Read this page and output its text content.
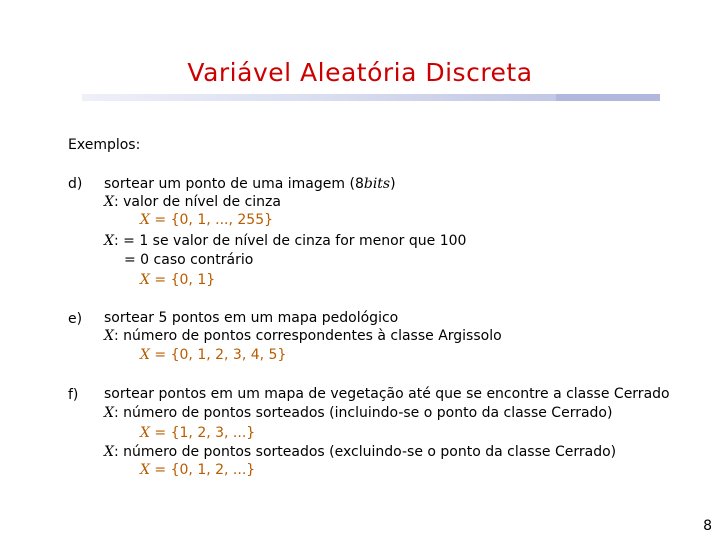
Variável Aleatória Discreta
Exemplos:
d) sortear um ponto de uma imagem (8bits)
X: valor de nível de cinza
X = {0, 1, ..., 255}
X: = 1 se valor de nível de cinza for menor que 100
= 0 caso contrário
X = {0, 1}
e) sortear 5 pontos em um mapa pedológico
X: número de pontos correspondentes à classe Argissolo
X = {0, 1, 2, 3, 4, 5}
f) sortear pontos em um mapa de vegetação até que se encontre a classe Cerrado
X: número de pontos sorteados (incluindo-se o ponto da classe Cerrado)
X = {1, 2, 3, ...}
X: número de pontos sorteados (excluindo-se o ponto da classe Cerrado)
X = {0, 1, 2, ...}
8
